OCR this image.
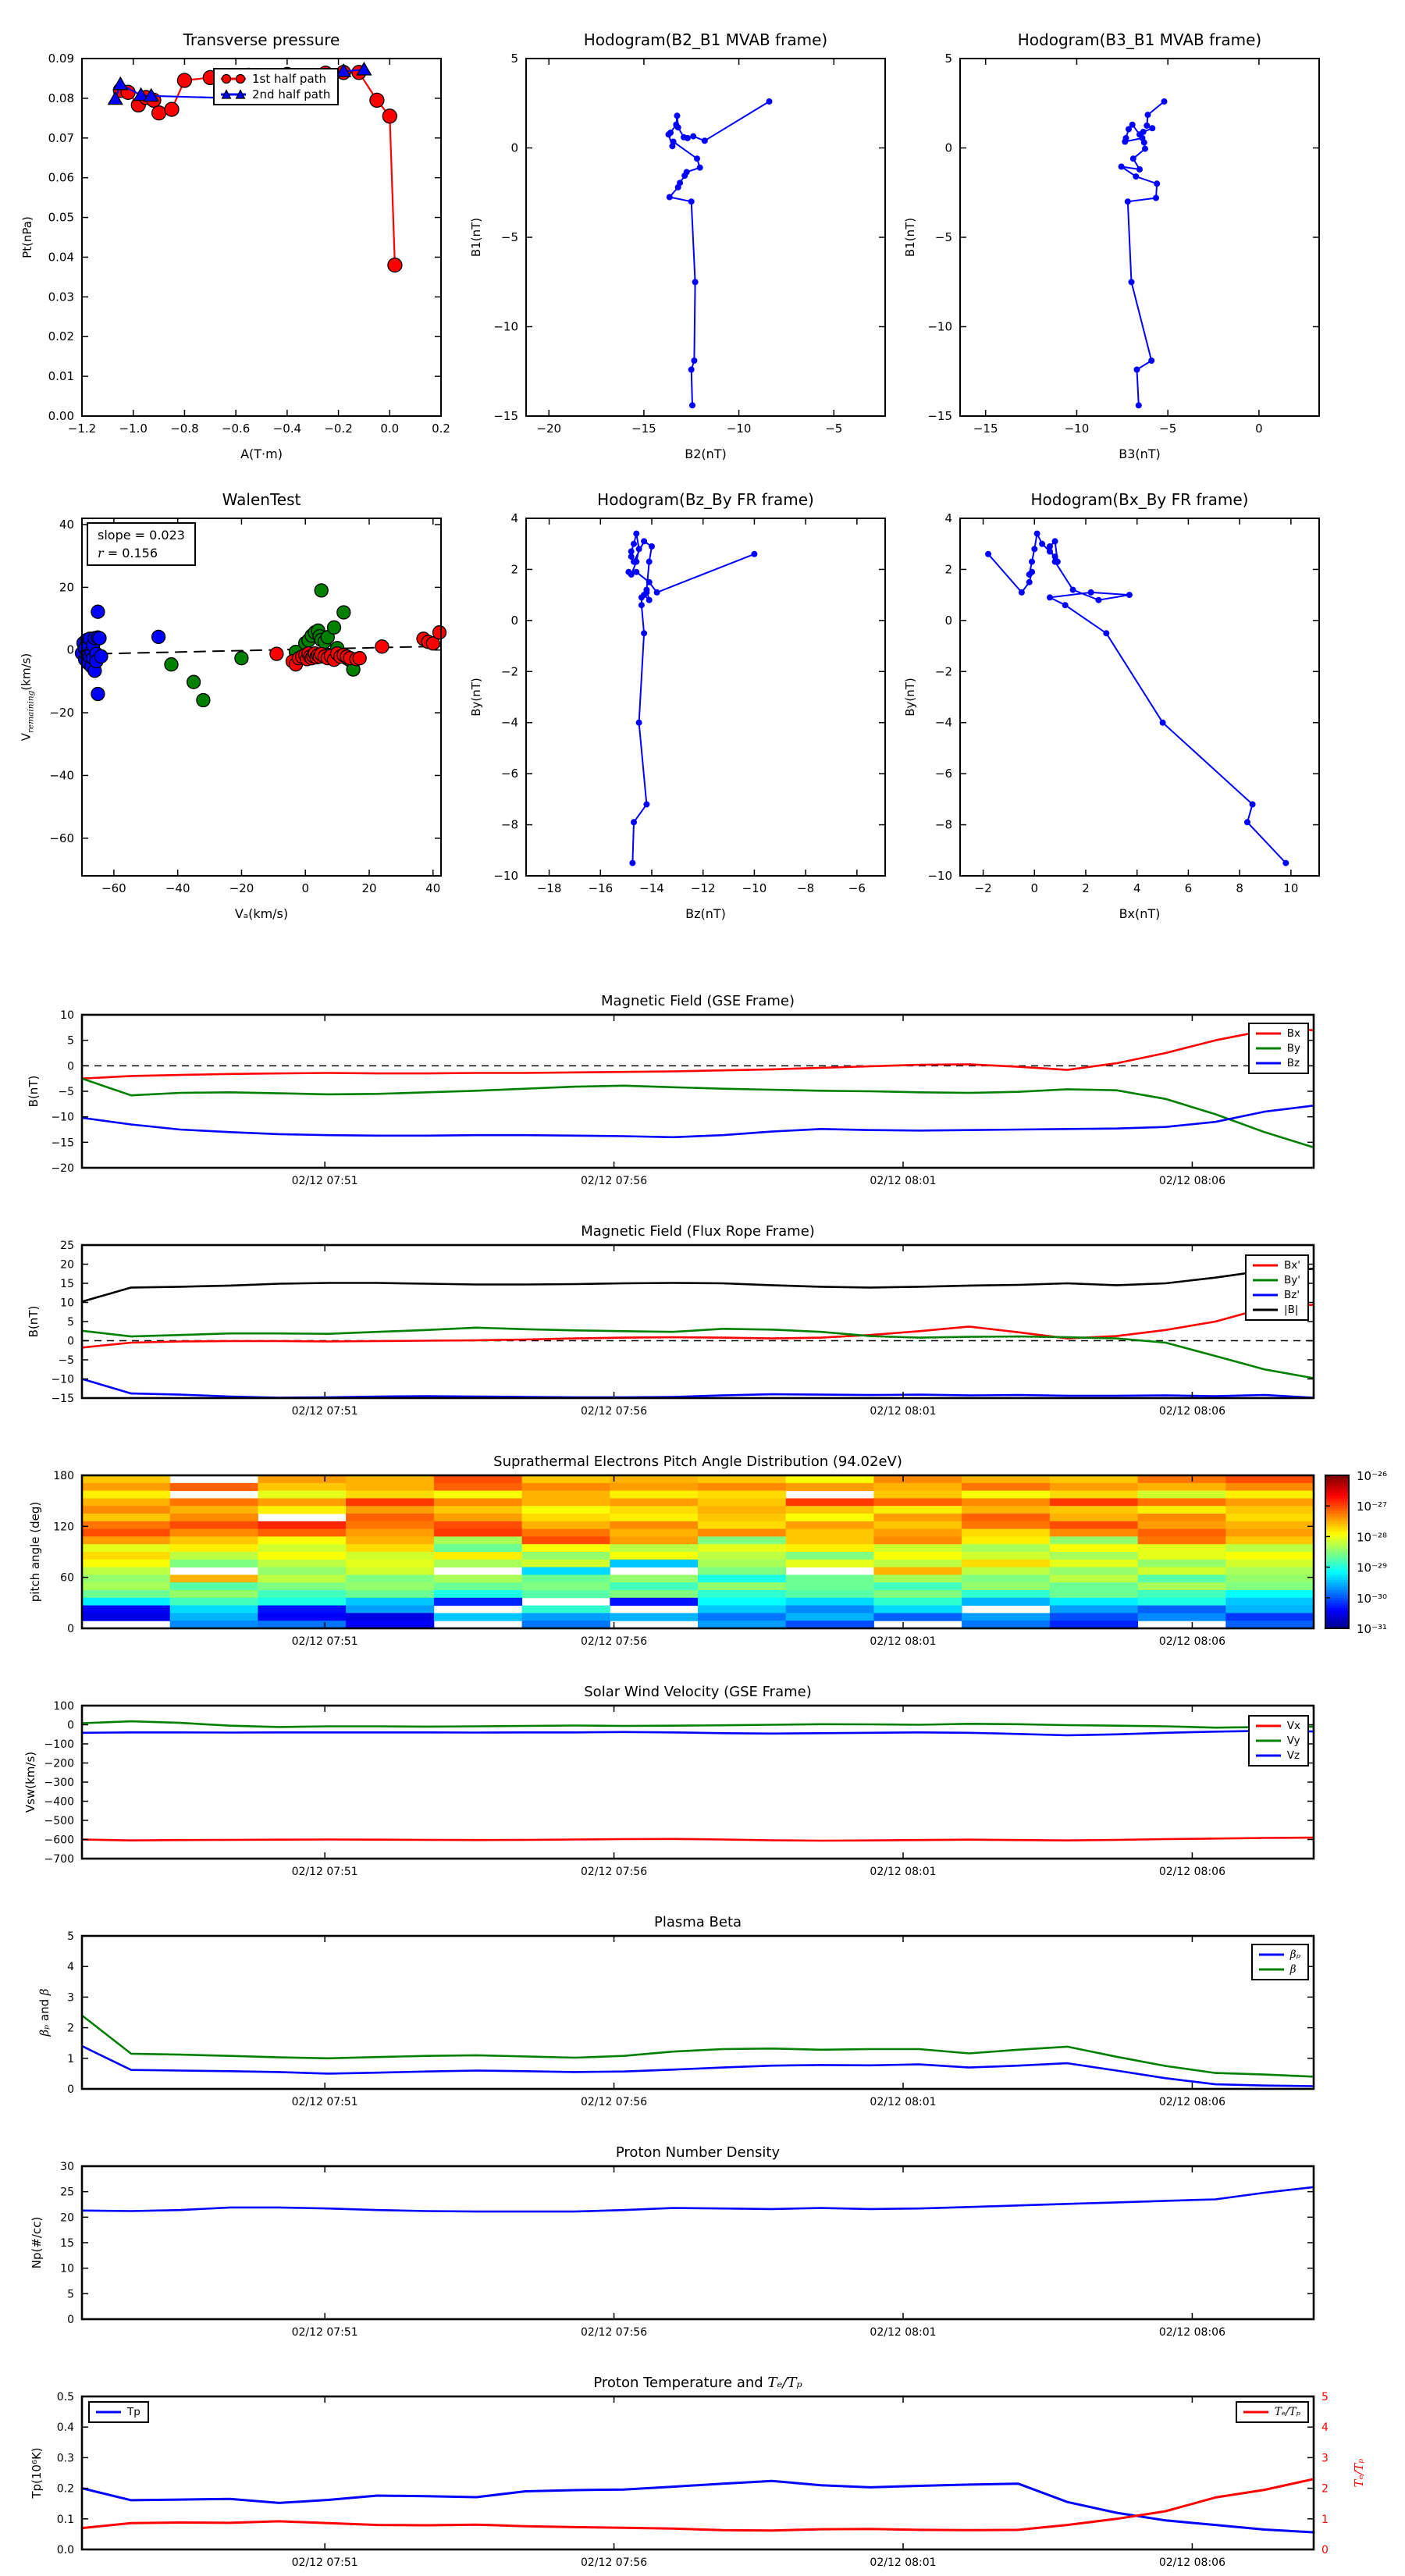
Transverse pressure
Pt(nPa)
A(T·m)
−1.2 −1.0 −0.8 −0.6 −0.4 −0.2 0.0	0.2
0.00
0.01
0.02
0.03
0.04
0.05
0.06
0.07
0.08
0.09
1st half path
2nd half path
Hodogram(B2_B1 MVAB frame)
B1(nT)
B2(nT)
−20	−15	−10	−5
−15
−10
−5
0
5
Hodogram(B3_B1 MVAB frame)
B1(nT)
B3(nT)
−15	−10	−5	0
−15
−10
−5
0
5
WalenTest
$V_{remaining}(km/s)$
Vₐ(km/s)
−60	−40	−20	0	20	40
40
20
0
−20
−40
−60
slope = 0.023
r = 0.156
Hodogram(Bz_By FR frame)
By(nT)
Bz(nT)
−18 −16 −14 −12 −10	−8	−6
−10
−8
−6
−4
−2
0
2
4
Hodogram(Bx_By FR frame)
By(nT)
Bx(nT)
−2	0	2	4	6	8	10
−10
−8
−6
−4
−2
0
2
4
Magnetic Field (GSE Frame)
B(nT)
02/12 07:51	02/12 07:56	02/12 08:01	02/12 08:06
10
5
0
−5
−10
−15
−20
Bx
By
Bz
Magnetic Field (Flux Rope Frame)
B(nT)
02/12 07:51	02/12 07:56	02/12 08:01	02/12 08:06
25
20
15
10
5
0
−5
−10
−15
Bx'
By'
Bz'
|B|
Suprathermal Electrons Pitch Angle Distribution (94.02eV)
pitch angle (deg)
02/12 07:51	02/12 07:56	02/12 08:01	02/12 08:06
0
60
120
180	10⁻²⁶
10⁻²⁷
10⁻²⁸
10⁻²⁹
10⁻³⁰
10⁻³¹
Solar Wind Velocity (GSE Frame)
Vsw(km/s)
02/12 07:51	02/12 07:56	02/12 08:01	02/12 08:06
100
0
−100
−200
−300
−400
−500
−600
−700
Vx
Vy
Vz
Plasma Beta
βₚ and β
02/12 07:51	02/12 07:56	02/12 08:01	02/12 08:06
0
1
2
3
4
5
βₚ
β
Proton Number Density
Np(#/cc)
02/12 07:51	02/12 07:56	02/12 08:01	02/12 08:06
0
5
10
15
20
25
30
Proton Temperature and Tₑ/Tₚ
Tp(10⁶K)	Tₑ/Tₚ
02/12 07:51	02/12 07:56	02/12 08:01	02/12 08:06
0.0
0.1
0.2
0.3
0.4
0.5
0
1
2
3
4
5
Tp	Tₑ/Tₚ
